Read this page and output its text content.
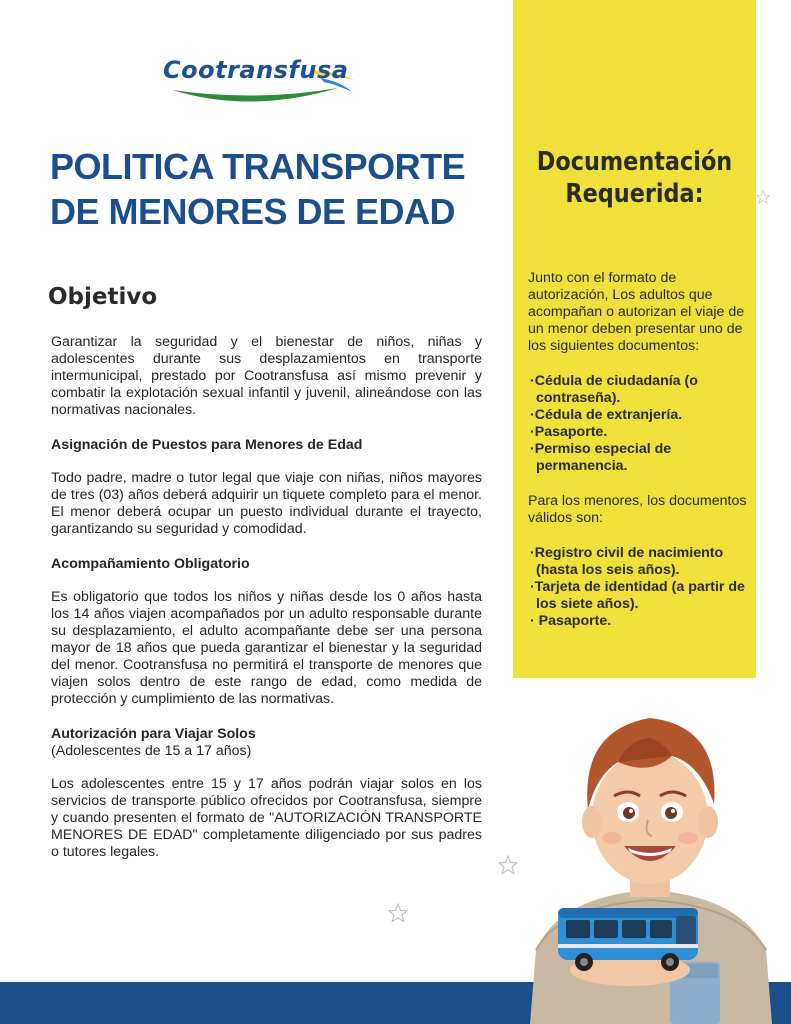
Cootransfusa
POLITICA TRANSPORTE
DE MENORES DE EDAD
Objetivo

Garantizar la seguridad y el bienestar de niños, niñas y adolescentes durante sus desplazamientos en transporte intermunicipal, prestado por Cootransfusa así mismo prevenir y combatir la explotación sexual infantil y juvenil, alineándose con las normativas nacionales.

Asignación de Puestos para Menores de Edad

Todo padre, madre o tutor legal que viaje con niñas, niños mayores de tres (03) años deberá adquirir un tiquete completo para el menor. El menor deberá ocupar un puesto individual durante el trayecto, garantizando su seguridad y comodidad.

Acompañamiento Obligatorio

Es obligatorio que todos los niños y niñas desde los 0 años hasta los 14 años viajen acompañados por un adulto responsable durante su desplazamiento, el adulto acompañante debe ser una persona mayor de 18 años que pueda garantizar el bienestar y la seguridad del menor. Cootransfusa no permitirá el transporte de menores que viajen solos dentro de este rango de edad, como medida de protección y cumplimiento de las normativas.

Autorización para Viajar Solos

(Adolescentes de 15 a 17 años)

Los adolescentes entre 15 y 17 años podrán viajar solos en los servicios de transporte público ofrecidos por Cootransfusa, siempre y cuando presenten el formato de "AUTORIZACIÓN TRANSPORTE MENORES DE EDAD" completamente diligenciado por sus padres o tutores legales.

Documentación
Requerida:

Junto con el formato de autorización, Los adultos que acompañan o autorizan el viaje de un menor deben presentar uno de los siguientes documentos:

·Cédula de ciudadanía (o contraseña).
·Cédula de extranjería.
·Pasaporte.
·Permiso especial de permanencia.

Para los menores, los documentos válidos son:

·Registro civil de nacimiento (hasta los seis años).
·Tarjeta de identidad (a partir de los siete años).
· Pasaporte.
